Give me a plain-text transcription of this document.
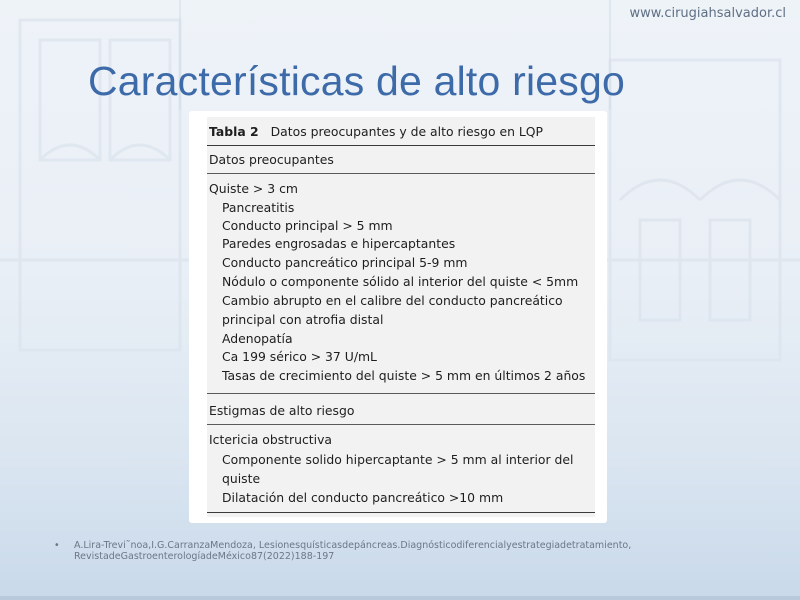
www.cirugiahsalvador.cl
Características de alto riesgo
Tabla 2 Datos preocupantes y de alto riesgo en LQP
Datos preocupantes
Quiste > 3 cm
Pancreatitis
Conducto principal > 5 mm
Paredes engrosadas e hipercaptantes
Conducto pancreático principal 5-9 mm
Nódulo o componente sólido al interior del quiste < 5mm
Cambio abrupto en el calibre del conducto pancreático
principal con atrofia distal
Adenopatía
Ca 199 sérico > 37 U/mL
Tasas de crecimiento del quiste > 5 mm en últimos 2 años
Estigmas de alto riesgo
Ictericia obstructiva
Componente solido hipercaptante > 5 mm al interior del
quiste
Dilatación del conducto pancreático >10 mm
•	A.Lira-Trevi˜noa,I.G.CarranzaMendoza, Lesionesquísticasdepáncreas.Diagnósticodiferencialyestrategiadetratamiento,
RevistadeGastroenterologíadeMéxico87(2022)188-197
